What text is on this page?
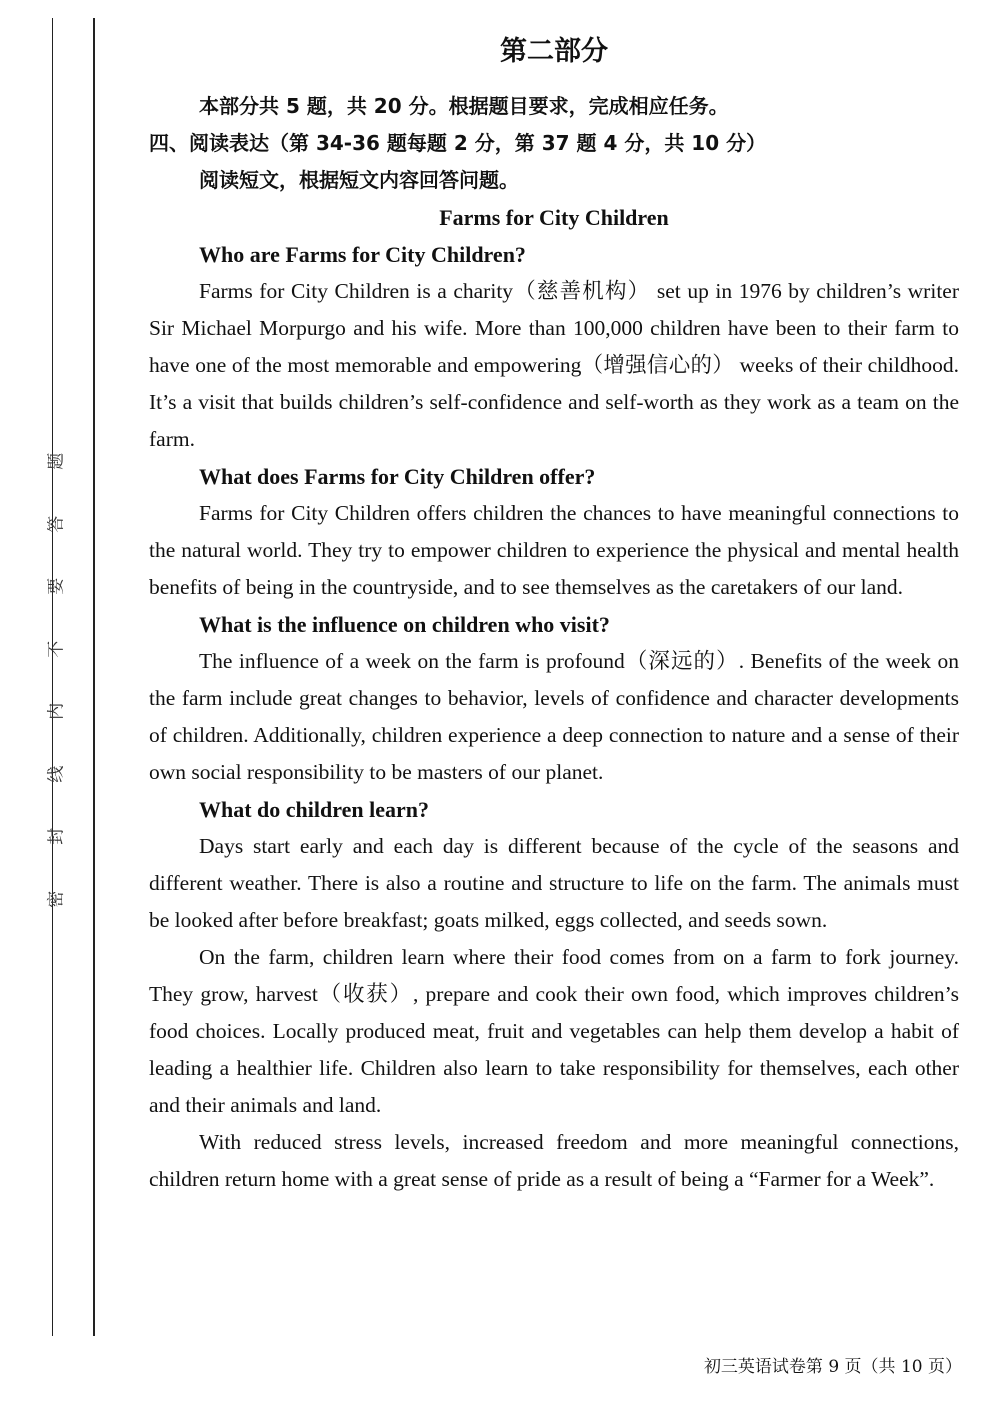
题
答
要
不
内
线
封
密
第二部分

本部分共 5 题，共 20 分。根据题目要求，完成相应任务。

四、阅读表达（第 34-36 题每题 2 分，第 37 题 4 分，共 10 分）

阅读短文，根据短文内容回答问题。

Farms for City Children

Who are Farms for City Children?

Farms for City Children is a charity（慈善机构） set up in 1976 by children’s writer Sir Michael Morpurgo and his wife. More than 100,000 children have been to their farm to have one of the most memorable and empowering（增强信心的） weeks of their childhood. It’s a visit that builds children’s self-confidence and self-worth as they work as a team on the farm.

What does Farms for City Children offer?

Farms for City Children offers children the chances to have meaningful connections to the natural world. They try to empower children to experience the physical and mental health benefits of being in the countryside, and to see themselves as the caretakers of our land.

What is the influence on children who visit?

The influence of a week on the farm is profound（深远的）. Benefits of the week on the farm include great changes to behavior, levels of confidence and character developments of children. Additionally, children experience a deep connection to nature and a sense of their own social responsibility to be masters of our planet.

What do children learn?

Days start early and each day is different because of the cycle of the seasons and different weather. There is also a routine and structure to life on the farm. The animals must be looked after before breakfast; goats milked, eggs collected, and seeds sown.

On the farm, children learn where their food comes from on a farm to fork journey. They grow, harvest（收获）, prepare and cook their own food, which improves children’s food choices. Locally produced meat, fruit and vegetables can help them develop a habit of leading a healthier life. Children also learn to take responsibility for themselves, each other and their animals and land.

With reduced stress levels, increased freedom and more meaningful connections, children return home with a great sense of pride as a result of being a “Farmer for a Week”.

初三英语试卷第 9 页（共 10 页）
